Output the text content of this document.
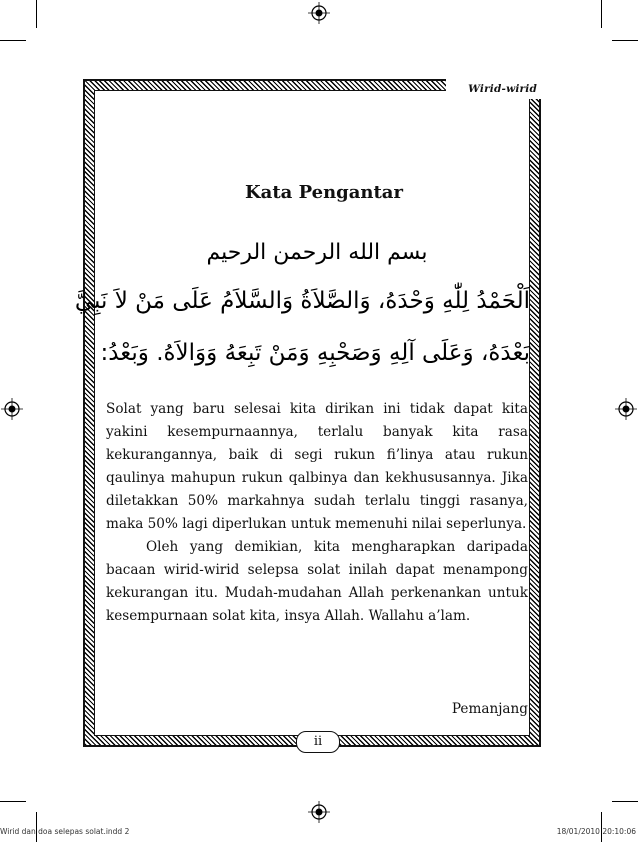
Wirid-wirid
Kata Pengantar
بسم الله الرحمن الرحيم
اَلْحَمْدُ لِلّٰهِ وَحْدَهُ، وَالصَّلاَةُ وَالسَّلاَمُ عَلَى مَنْ لاَ نَبِيَّ
بَعْدَهُ، وَعَلَى آلِهِ وَصَحْبِهِ وَمَنْ تَبِعَهُ وَوَالاَهُ. وَبَعْدُ:

Solat yang baru selesai kita dirikan ini tidak dapat kita yakini kesempurnaannya, terlalu banyak kita rasa kekurangannya, baik di segi rukun fi’linya atau rukun qaulinya mahupun rukun qalbinya dan kekhususannya. Jika diletakkan 50% markahnya sudah terlalu tinggi rasanya, maka 50% lagi diperlukan untuk memenuhi nilai seperlunya.

Oleh yang demikian, kita mengharapkan daripada bacaan wirid-wirid selepsa solat inilah dapat menampong kekurangan itu. Mudah-mudahan Allah perkenankan untuk kesempurnaan solat kita, insya Allah. Wallahu a’lam.

Pemanjang
ii
Wirid dan doa selepas solat.indd 2	18/01/2010 20:10:06
